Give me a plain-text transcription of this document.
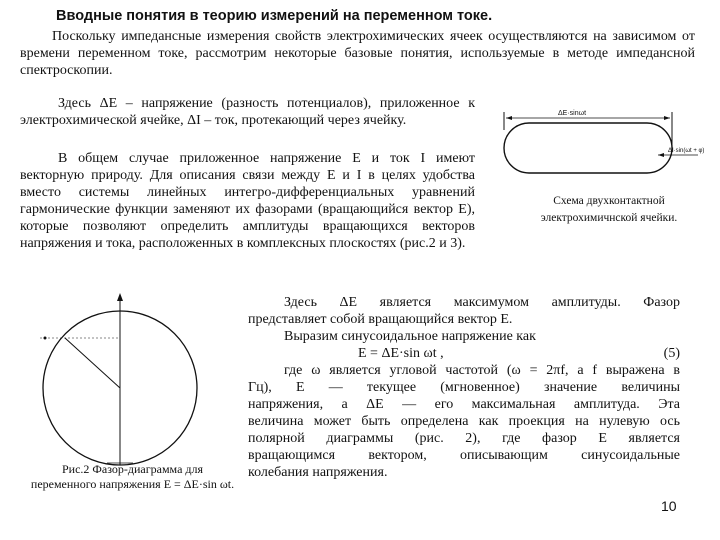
Вводные понятия в теорию измерений на переменном токе.
Поскольку импедансные измерения свойств электрохимических ячеек осуществляются на зависимом от времени переменном токе, рассмотрим некоторые базовые понятия, используемые в методе импедансной спектроскопии.
Здесь ΔE – напряжение (разность потенциалов), приложенное к электрохимической ячейке, ΔI – ток, протекающий через ячейку.
В общем случае приложенное напряжение E и ток I имеют векторную природу. Для описания связи между E и I в целях удобства вместо системы линейных интегро-дифференциальных уравнений гармонические функции заменяют их фазорами (вращающийся вектор E), которые позволяют определить амплитуды вращающихся векторов напряжения и тока, расположенных в комплексных плоскостях (рис.2 и 3).
ΔE·sinωt
ΔI·sin(ωt + φ)
Схема двухконтактной электрохимичнской ячейки.
Рис.2 Фазор-диаграмма для переменного напряжения E = ΔE·sin ωt.
Здесь ΔE является максимумом амплитуды. Фазор
представляет собой вращающийся вектор E.
Выразим синусоидальное напряжение как
E = ΔE·sin ωt ,	(5)
где ω является угловой частотой (ω = 2πf, а f выражена в
Гц), E — текущее (мгновенное) значение величины
напряжения, а ΔE — его максимальная амплитуда. Эта
величина может быть определена как проекция на нулевую ось
полярной диаграммы (рис. 2), где фазор E является
вращающимся вектором, описывающим синусоидальные
колебания напряжения.
10
